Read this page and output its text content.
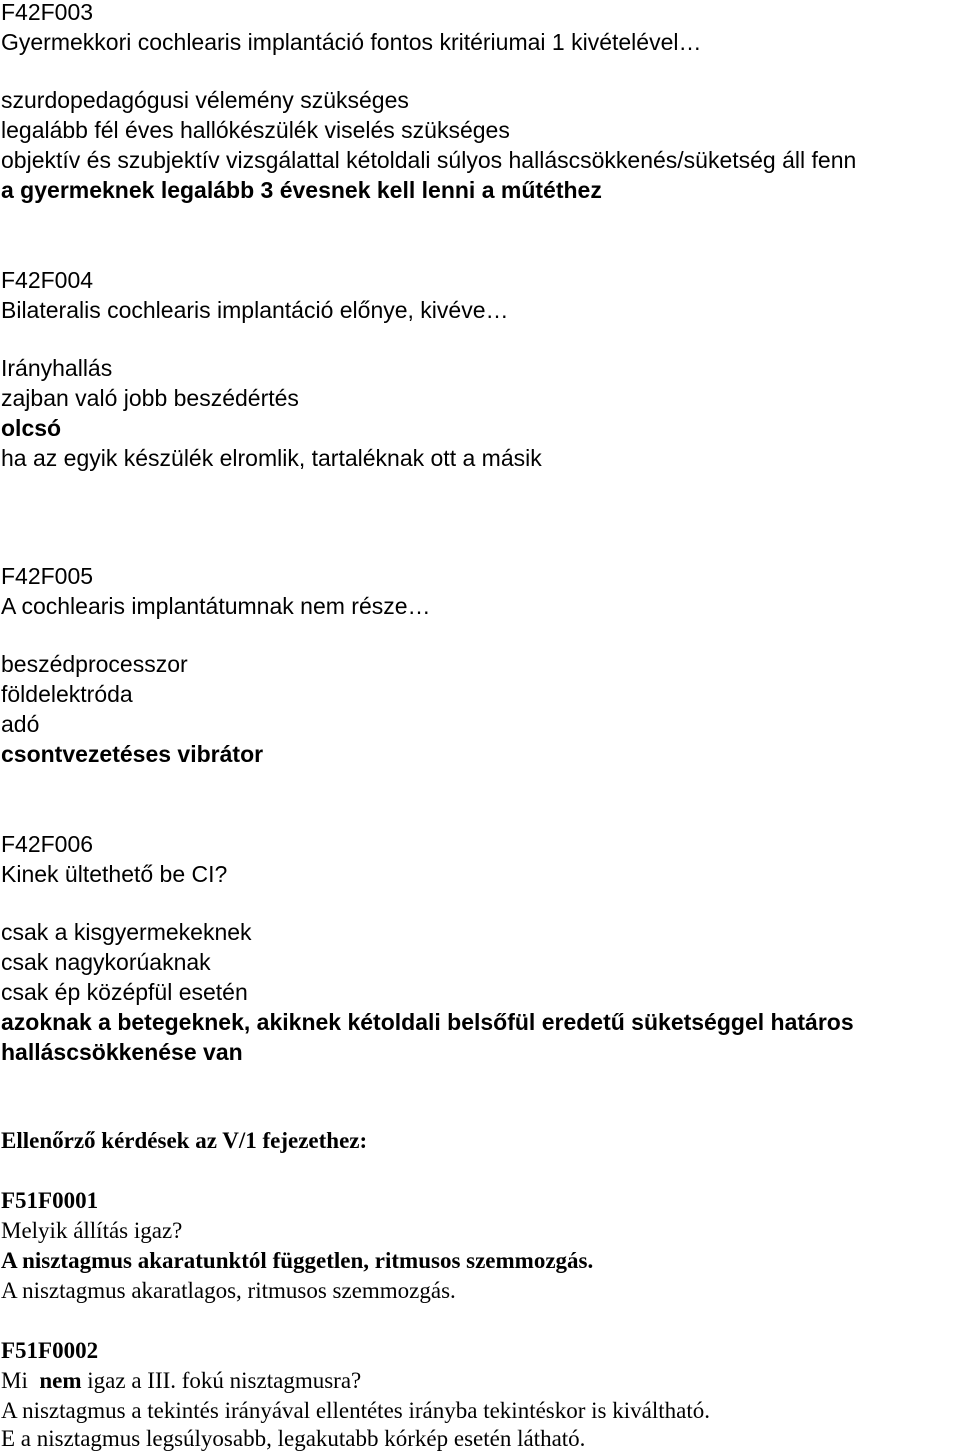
F42F003
Gyermekkori cochlearis implantáció fontos kritériumai 1 kivételével…
szurdopedagógusi vélemény szükséges
legalább fél éves hallókészülék viselés szükséges
objektív és szubjektív vizsgálattal kétoldali súlyos halláscsökkenés/süketség áll fenn
a gyermeknek legalább 3 évesnek kell lenni a műtéthez
F42F004
Bilateralis cochlearis implantáció előnye, kivéve…
Irányhallás
zajban való jobb beszédértés
olcsó
ha az egyik készülék elromlik, tartaléknak ott a másik
F42F005
A cochlearis implantátumnak nem része…
beszédprocesszor
földelektróda
adó
csontvezetéses vibrátor
F42F006
Kinek ültethető be CI?
csak a kisgyermekeknek
csak nagykorúaknak
csak ép középfül esetén
azoknak a betegeknek, akiknek kétoldali belsőfül eredetű süketséggel határos
halláscsökkenése van
Ellenőrző kérdések az V/1 fejezethez:
F51F0001
Melyik állítás igaz?
A nisztagmus akaratunktól független, ritmusos szemmozgás.
A nisztagmus akaratlagos, ritmusos szemmozgás.
F51F0002
Mi nem igaz a III. fokú nisztagmusra?
A nisztagmus a tekintés irányával ellentétes irányba tekintéskor is kiváltható.
E a nisztagmus legsúlyosabb, legakutabb kórkép esetén látható.
